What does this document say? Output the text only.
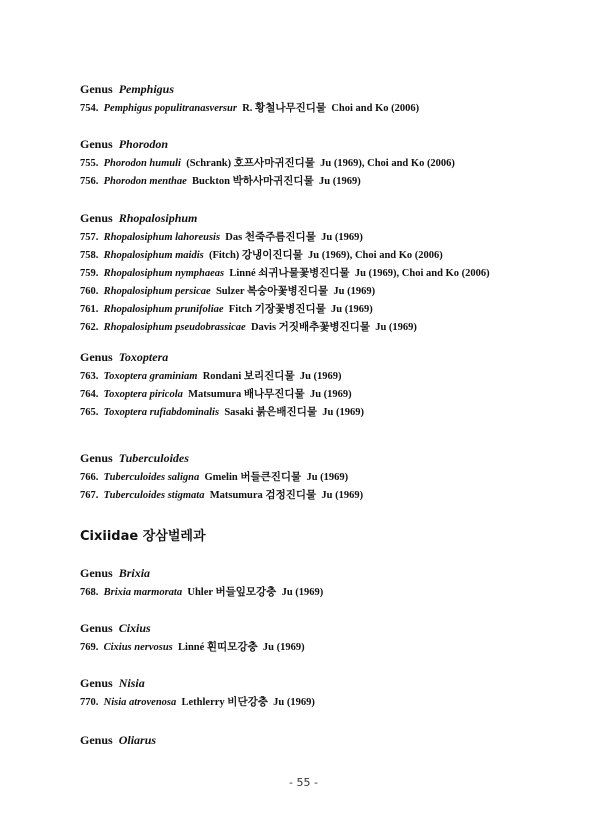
Genus Pemphigus
754. Pemphigus populitranasversur R. 황철나무진디물 Choi and Ko (2006)
Genus Phorodon
755. Phorodon humuli (Schrank) 호프사마귀진디물 Ju (1969), Choi and Ko (2006)
756. Phorodon menthae Buckton 박하사마귀진디물 Ju (1969)
Genus Rhopalosiphum
757. Rhopalosiphum lahoreusis Das 천죽주름진디물 Ju (1969)
758. Rhopalosiphum maidis (Fitch) 강냉이진디물 Ju (1969), Choi and Ko (2006)
759. Rhopalosiphum nymphaeas Linné 쇠귀나물꽃병진디물 Ju (1969), Choi and Ko (2006)
760. Rhopalosiphum persicae Sulzer 복숭아꽃병진디물 Ju (1969)
761. Rhopalosiphum prunifoliae Fitch 기장꽃병진디물 Ju (1969)
762. Rhopalosiphum pseudobrassicae Davis 거짓배추꽃병진디물 Ju (1969)
Genus Toxoptera
763. Toxoptera graminiam Rondani 보리진디물 Ju (1969)
764. Toxoptera piricola Matsumura 배나무진디물 Ju (1969)
765. Toxoptera rufiabdominalis Sasaki 붉은배진디물 Ju (1969)
Genus Tuberculoides
766. Tuberculoides saligna Gmelin 버들큰진디물 Ju (1969)
767. Tuberculoides stigmata Matsumura 검정진디물 Ju (1969)
Cixiidae 장삼벌레과
Genus Brixia
768. Brixia marmorata Uhler 버들잎모강충 Ju (1969)
Genus Cixius
769. Cixius nervosus Linné 흰띠모강충 Ju (1969)
Genus Nisia
770. Nisia atrovenosa Lethlerry 비단강충 Ju (1969)
Genus Oliarus
- 55 -
